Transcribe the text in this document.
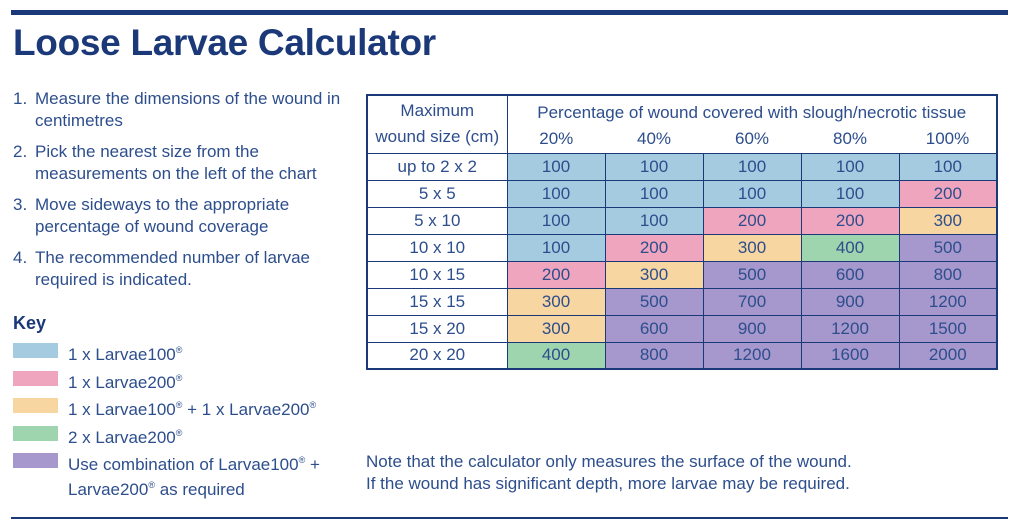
Loose Larvae Calculator
1. Measure the dimensions of the wound in centimetres
2. Pick the nearest size from the measurements on the left of the chart
3. Move sideways to the appropriate percentage of wound coverage
4. The recommended number of larvae required is indicated.
Key
1 x Larvae100®
1 x Larvae200®
1 x Larvae100® + 1 x Larvae200®
2 x Larvae200®
Use combination of Larvae100® + Larvae200® as required
Maximum
wound size (cm)	Percentage of wound covered with slough/necrotic tissue				
	20%	40%	60%	80%	100%
up to 2 x 2	100	100	100	100	100
5 x 5	100	100	100	100	200
5 x 10	100	100	200	200	300
10 x 10	100	200	300	400	500
10 x 15	200	300	500	600	800
15 x 15	300	500	700	900	1200
15 x 20	300	600	900	1200	1500
20 x 20	400	800	1200	1600	2000
Note that the calculator only measures the surface of the wound.
If the wound has significant depth, more larvae may be required.
